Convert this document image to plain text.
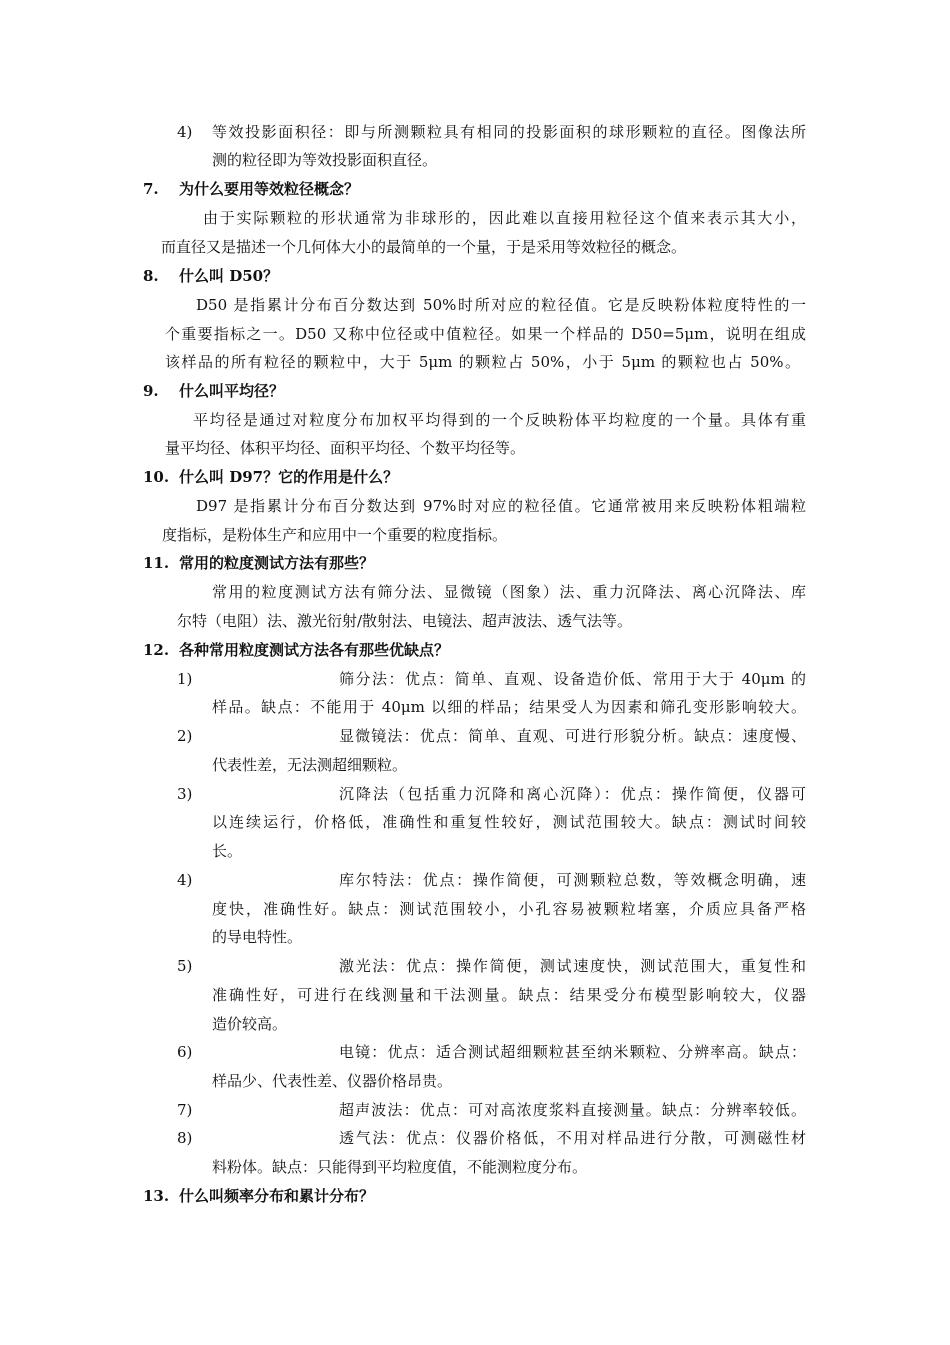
4) 等效投影面积径：即与所测颗粒具有相同的投影面积的球形颗粒的直径。图像法所
测的粒径即为等效投影面积直径。
7. 为什么要用等效粒径概念？
由于实际颗粒的形状通常为非球形的，因此难以直接用粒径这个值来表示其大小，
而直径又是描述一个几何体大小的最简单的一个量，于是采用等效粒径的概念。
8. 什么叫 D50？
D50 是指累计分布百分数达到 50%时所对应的粒径值。它是反映粉体粒度特性的一
个重要指标之一。D50 又称中位径或中值粒径。如果一个样品的 D50=5μm，说明在组成
该样品的所有粒径的颗粒中，大于 5μm 的颗粒占 50%，小于 5μm 的颗粒也占 50%。
9. 什么叫平均径？
平均径是通过对粒度分布加权平均得到的一个反映粉体平均粒度的一个量。具体有重
量平均径、体积平均径、面积平均径、个数平均径等。
10. 什么叫 D97？它的作用是什么？
D97 是指累计分布百分数达到 97%时对应的粒径值。它通常被用来反映粉体粗端粒
度指标，是粉体生产和应用中一个重要的粒度指标。
11. 常用的粒度测试方法有那些？
常用的粒度测试方法有筛分法、显微镜（图象）法、重力沉降法、离心沉降法、库
尔特（电阻）法、激光衍射/散射法、电镜法、超声波法、透气法等。
12. 各种常用粒度测试方法各有那些优缺点？
1)	筛分法：优点：简单、直观、设备造价低、常用于大于 40μm 的
样品。缺点：不能用于 40μm 以细的样品；结果受人为因素和筛孔变形影响较大。
2)	显微镜法：优点：简单、直观、可进行形貌分析。缺点：速度慢、
代表性差，无法测超细颗粒。
3)	沉降法（包括重力沉降和离心沉降）：优点：操作简便，仪器可
以连续运行，价格低，准确性和重复性较好，测试范围较大。缺点：测试时间较
长。
4)	库尔特法：优点：操作简便，可测颗粒总数，等效概念明确，速
度快，准确性好。缺点：测试范围较小，小孔容易被颗粒堵塞，介质应具备严格
的导电特性。
5)	激光法：优点：操作简便，测试速度快，测试范围大，重复性和
准确性好，可进行在线测量和干法测量。缺点：结果受分布模型影响较大，仪器
造价较高。
6)	电镜：优点：适合测试超细颗粒甚至纳米颗粒、分辨率高。缺点：
样品少、代表性差、仪器价格昂贵。
7)	超声波法：优点：可对高浓度浆料直接测量。缺点：分辨率较低。
8)	透气法：优点：仪器价格低，不用对样品进行分散，可测磁性材
料粉体。缺点：只能得到平均粒度值，不能测粒度分布。
13. 什么叫频率分布和累计分布？
